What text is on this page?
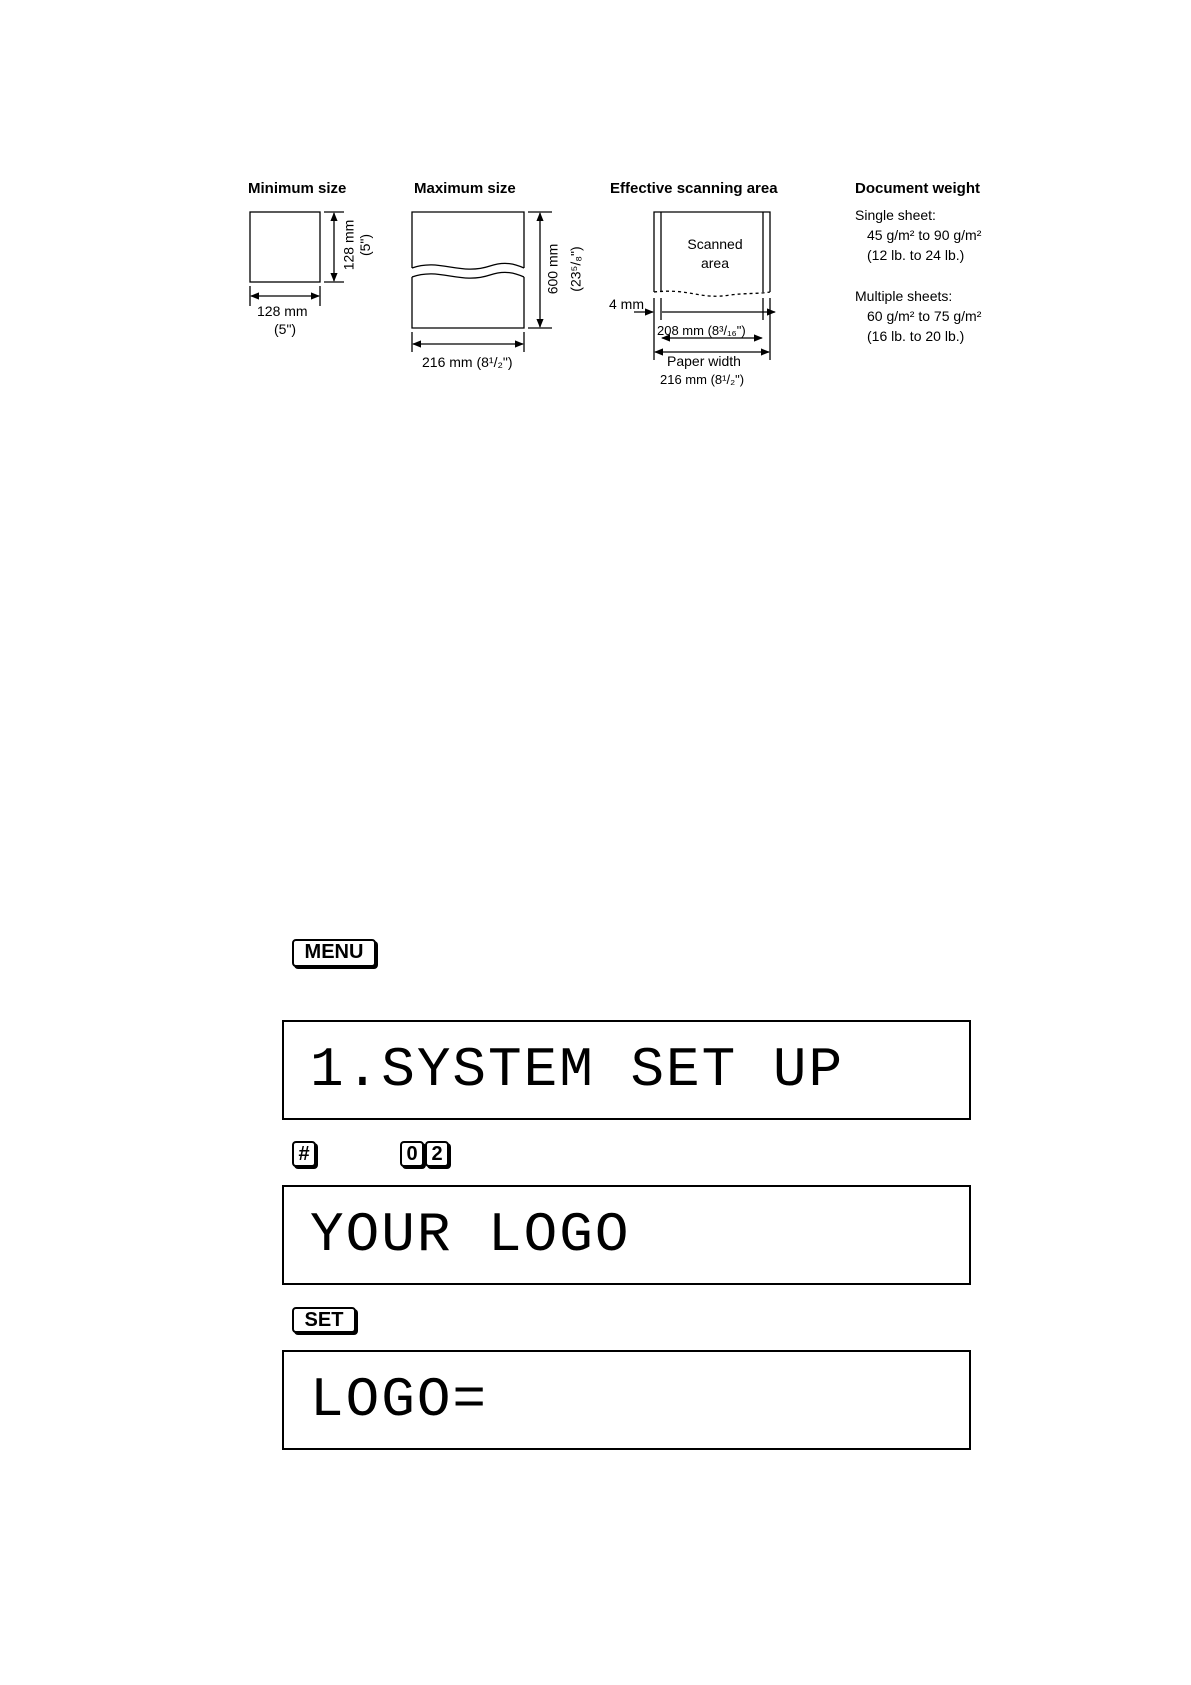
Minimum size
128 mm (5")
128 mm
(5")
Maximum size
600 mm (23⁵/₈")
216 mm (8¹/₂")
Effective scanning area
Scanned
area
4 mm
208 mm (8³/₁₆")
Paper width
216 mm (8¹/₂")
Document weight
Single sheet:
45 g/m² to 90 g/m²
(12 lb. to 24 lb.)
Multiple sheets:
60 g/m² to 75 g/m²
(16 lb. to 20 lb.)
MENU
1.SYSTEM SET UP
#	0 2
YOUR LOGO
SET
LOGO=
